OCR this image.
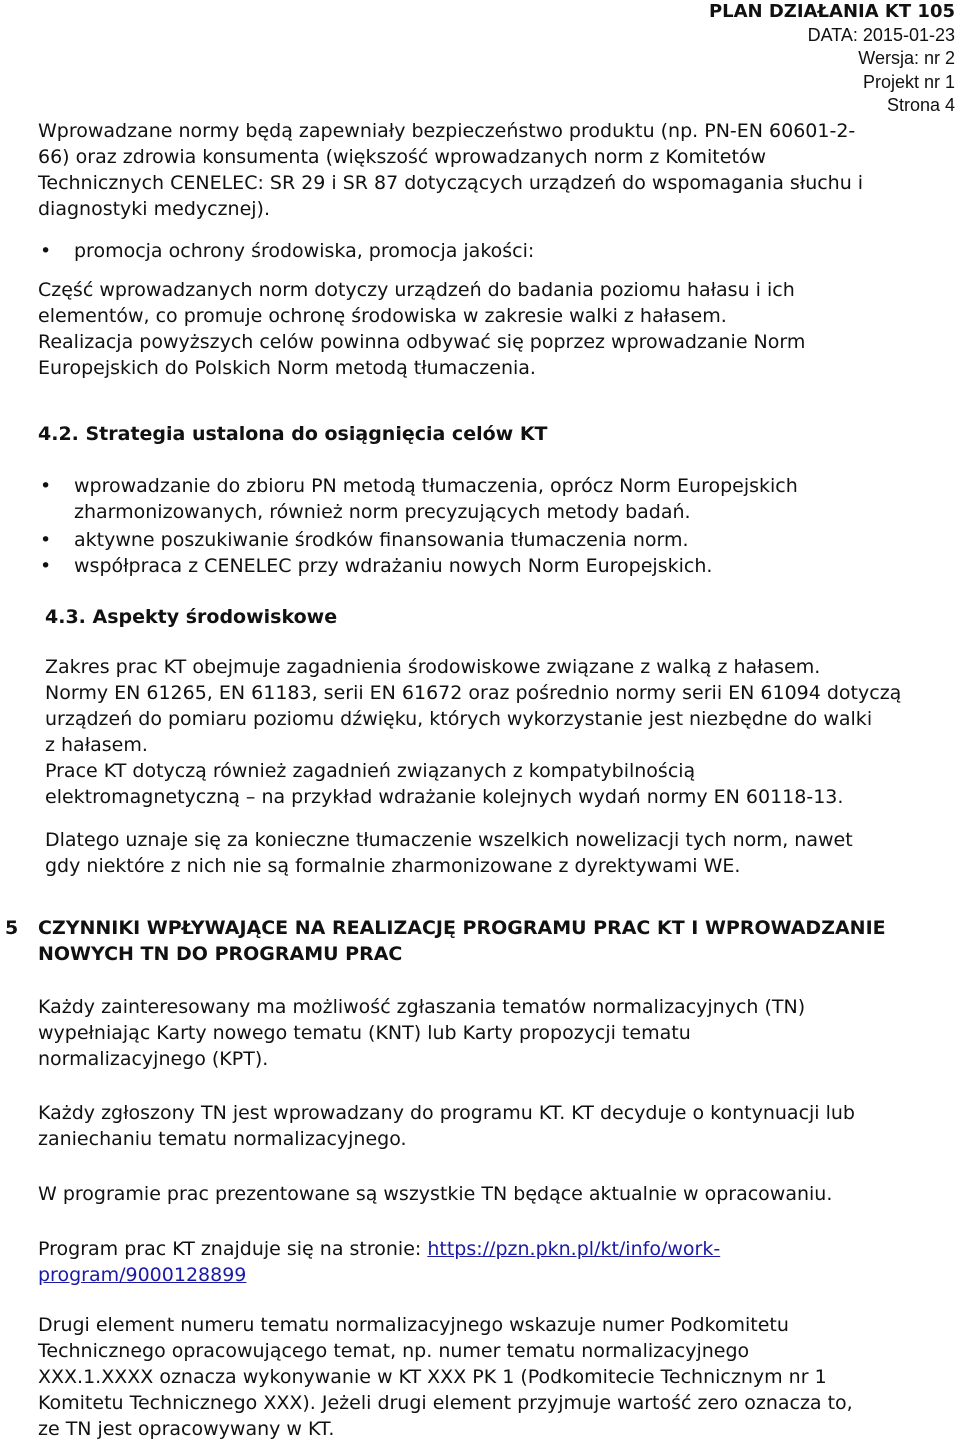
PLAN DZIAŁANIA KT 105
DATA: 2015-01-23
Wersja: nr 2
Projekt nr 1
Strona 4
Wprowadzane normy będą zapewniały bezpieczeństwo produktu (np. PN-EN 60601-2-
66) oraz zdrowia konsumenta (większość wprowadzanych norm z Komitetów
Technicznych CENELEC: SR 29 i SR 87 dotyczących urządzeń do wspomagania słuchu i
diagnostyki medycznej).
• promocja ochrony środowiska, promocja jakości:
Część wprowadzanych norm dotyczy urządzeń do badania poziomu hałasu i ich
elementów, co promuje ochronę środowiska w zakresie walki z hałasem.
Realizacja powyższych celów powinna odbywać się poprzez wprowadzanie Norm
Europejskich do Polskich Norm metodą tłumaczenia.
4.2. Strategia ustalona do osiągnięcia celów KT
• wprowadzanie do zbioru PN metodą tłumaczenia, oprócz Norm Europejskich
zharmonizowanych, również norm precyzujących metody badań.
• aktywne poszukiwanie środków finansowania tłumaczenia norm.
• współpraca z CENELEC przy wdrażaniu nowych Norm Europejskich.
4.3. Aspekty środowiskowe
Zakres prac KT obejmuje zagadnienia środowiskowe związane z walką z hałasem.
Normy EN 61265, EN 61183, serii EN 61672 oraz pośrednio normy serii EN 61094 dotyczą
urządzeń do pomiaru poziomu dźwięku, których wykorzystanie jest niezbędne do walki
z hałasem.
Prace KT dotyczą również zagadnień związanych z kompatybilnością
elektromagnetyczną – na przykład wdrażanie kolejnych wydań normy EN 60118-13.
Dlatego uznaje się za konieczne tłumaczenie wszelkich nowelizacji tych norm, nawet
gdy niektóre z nich nie są formalnie zharmonizowane z dyrektywami WE.
5 CZYNNIKI WPŁYWAJĄCE NA REALIZACJĘ PROGRAMU PRAC KT I WPROWADZANIE
NOWYCH TN DO PROGRAMU PRAC
Każdy zainteresowany ma możliwość zgłaszania tematów normalizacyjnych (TN)
wypełniając Karty nowego tematu (KNT) lub Karty propozycji tematu
normalizacyjnego (KPT).
Każdy zgłoszony TN jest wprowadzany do programu KT. KT decyduje o kontynuacji lub
zaniechaniu tematu normalizacyjnego.
W programie prac prezentowane są wszystkie TN będące aktualnie w opracowaniu.
Program prac KT znajduje się na stronie: https://pzn.pkn.pl/kt/info/work-
program/9000128899
Drugi element numeru tematu normalizacyjnego wskazuje numer Podkomitetu
Technicznego opracowującego temat, np. numer tematu normalizacyjnego
XXX.1.XXXX oznacza wykonywanie w KT XXX PK 1 (Podkomitecie Technicznym nr 1
Komitetu Technicznego XXX). Jeżeli drugi element przyjmuje wartość zero oznacza to,
ze TN jest opracowywany w KT.
